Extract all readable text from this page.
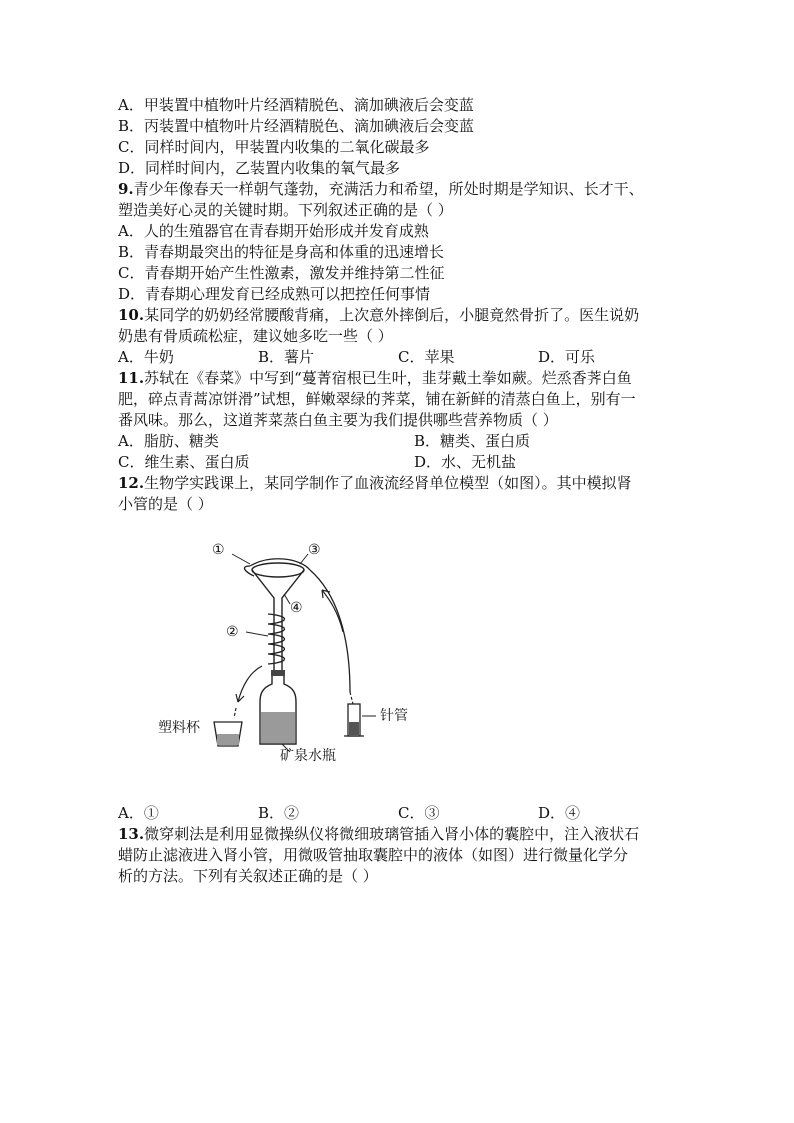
A．甲装置中植物叶片经酒精脱色、滴加碘液后会变蓝
B．丙装置中植物叶片经酒精脱色、滴加碘液后会变蓝
C．同样时间内，甲装置内收集的二氧化碳最多
D．同样时间内，乙装置内收集的氧气最多
9.青少年像春天一样朝气蓬勃，充满活力和希望，所处时期是学知识、长才干、
塑造美好心灵的关键时期。下列叙述正确的是（ ）
A．人的生殖器官在青春期开始形成并发育成熟
B．青春期最突出的特征是身高和体重的迅速增长
C．青春期开始产生性激素，激发并维持第二性征
D．青春期心理发育已经成熟可以把控任何事情
10.某同学的奶奶经常腰酸背痛，上次意外摔倒后，小腿竟然骨折了。医生说奶
奶患有骨质疏松症，建议她多吃一些（ ）
A．牛奶	B．薯片	C．苹果	D．可乐
11.苏轼在《春菜》中写到“蔓菁宿根已生叶，韭芽戴土拳如蕨。烂烝香荠白鱼
肥，碎点青蒿凉饼滑”试想，鲜嫩翠绿的荠菜，铺在新鲜的清蒸白鱼上，别有一
番风味。那么，这道荠菜蒸白鱼主要为我们提供哪些营养物质（ ）
A．脂肪、糖类	B．糖类、蛋白质
C．维生素、蛋白质	D．水、无机盐
12.生物学实践课上，某同学制作了血液流经肾单位模型（如图）。其中模拟肾
小管的是（ ）
①
②
③
④
塑料杯
矿泉水瓶
针管
A．①	B．②	C．③	D．④
13.微穿刺法是利用显微操纵仪将微细玻璃管插入肾小体的囊腔中，注入液状石
蜡防止滤液进入肾小管，用微吸管抽取囊腔中的液体（如图）进行微量化学分
析的方法。下列有关叙述正确的是（ ）
